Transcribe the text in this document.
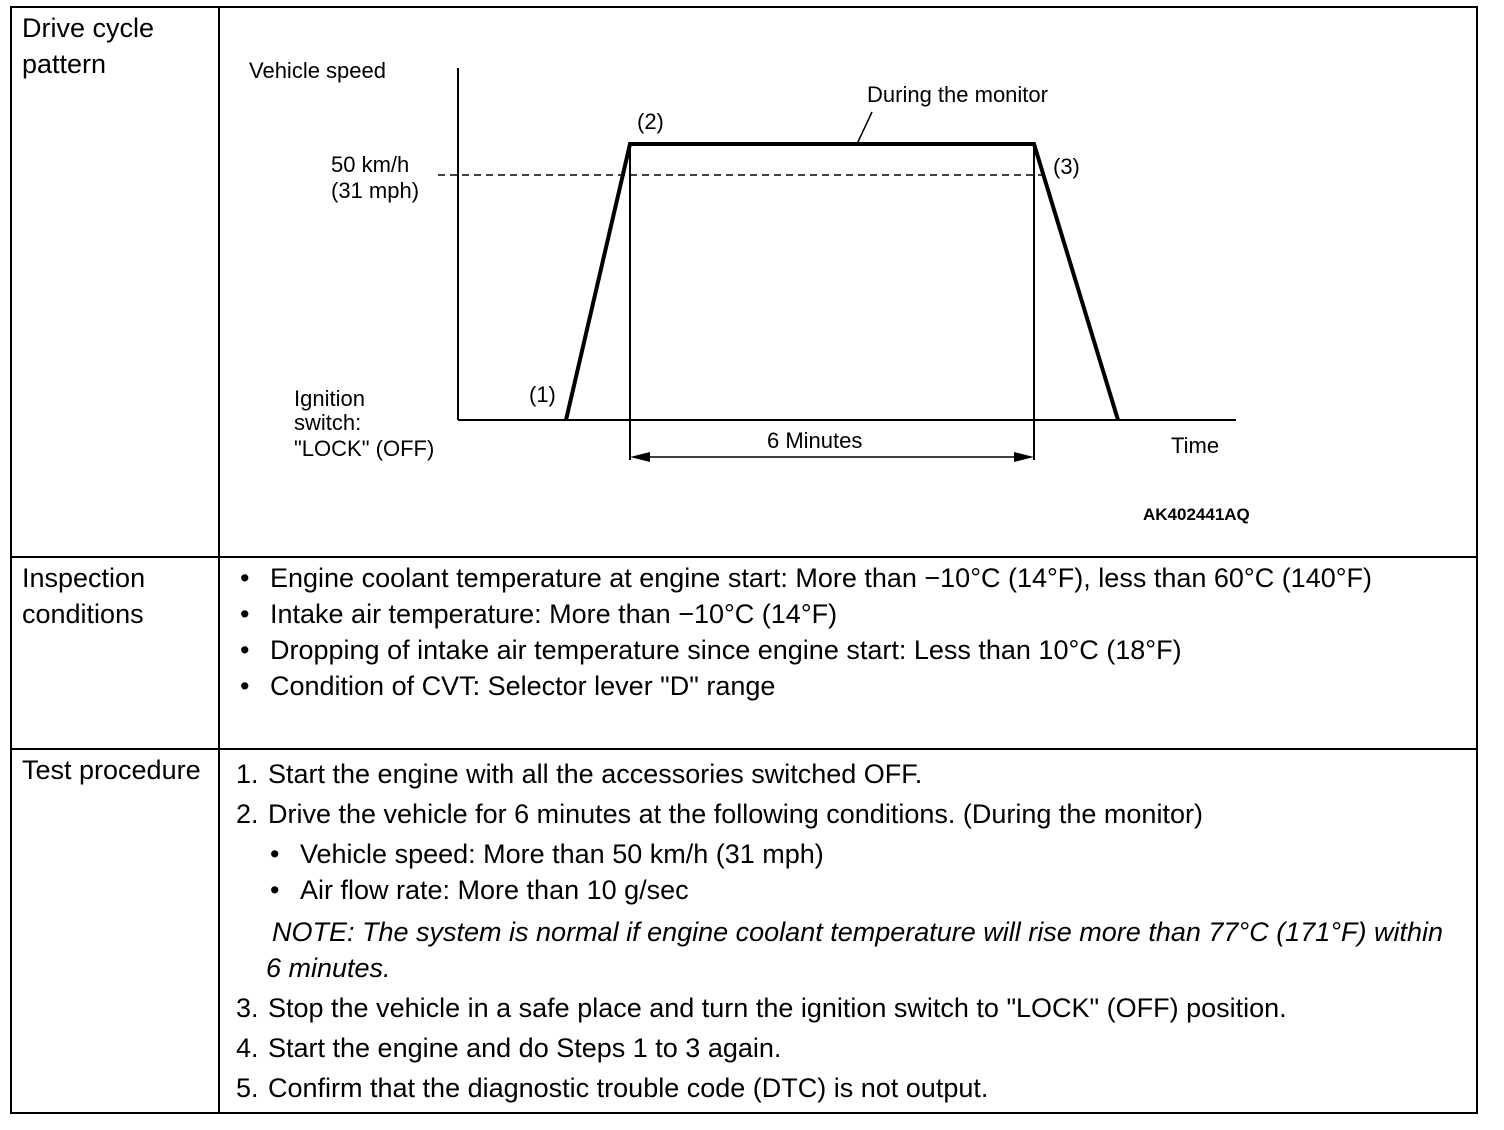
Drive cycle pattern	Vehicle speed
50 km/h
(31 mph)
Ignition
switch:
"LOCK" (OFF)	Time
6 Minutes
During the monitor
(1)
(2)
(3)
AK402441AQ
Inspection conditions
• Engine coolant temperature at engine start: More than −10°C (14°F), less than 60°C (140°F)
• Intake air temperature: More than −10°C (14°F)
• Dropping of intake air temperature since engine start: Less than 10°C (18°F)
• Condition of CVT: Selector lever "D" range
Test procedure 1. Start the engine with all the accessories switched OFF.
2. Drive the vehicle for 6 minutes at the following conditions. (During the monitor)
• Vehicle speed: More than 50 km/h (31 mph)
• Air flow rate: More than 10 g/sec
NOTE: The system is normal if engine coolant temperature will rise more than 77°C (171°F) within 6 minutes.
3. Stop the vehicle in a safe place and turn the ignition switch to "LOCK" (OFF) position.
4. Start the engine and do Steps 1 to 3 again.
5. Confirm that the diagnostic trouble code (DTC) is not output.
